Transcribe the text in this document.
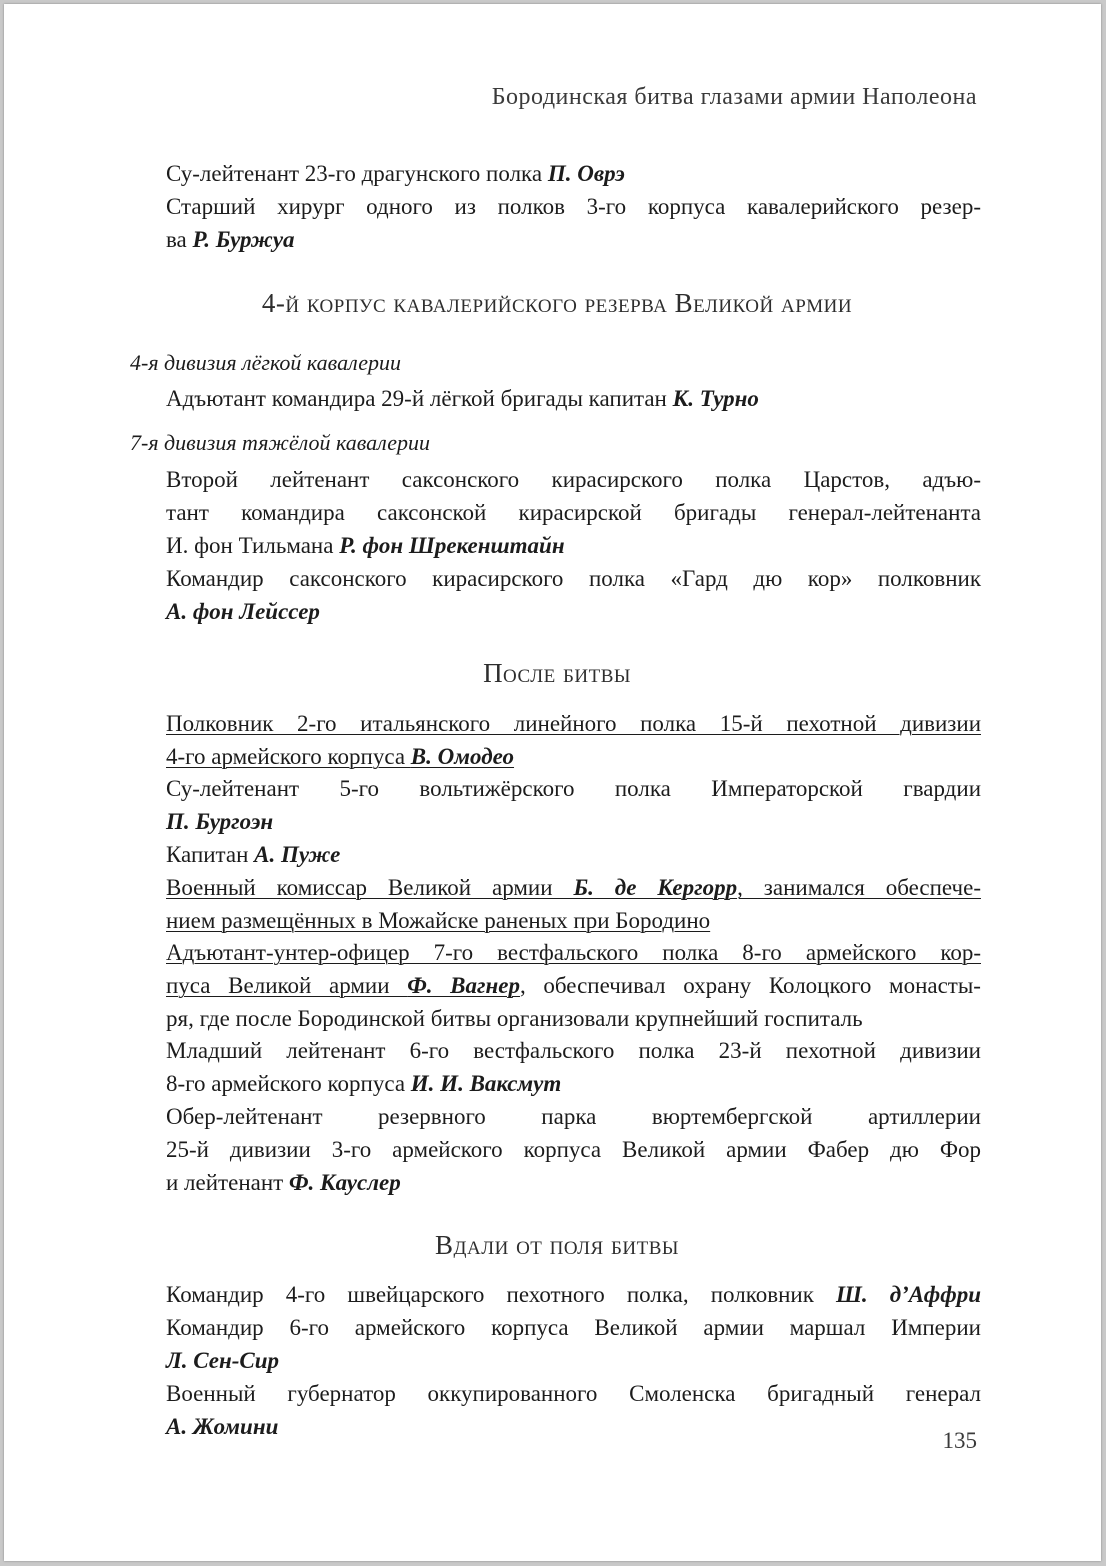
Бородинская битва глазами армии Наполеона
Су-лейтенант 23-го драгунского полка П. Оврэ
Старший хирург одного из полков 3-го корпуса кавалерийского резер-
ва Р. Буржуа
4-й корпус кавалерийского резерва Великой армии
4-я дивизия лёгкой кавалерии
Адъютант командира 29-й лёгкой бригады капитан К. Турно
7-я дивизия тяжёлой кавалерии
Второй лейтенант саксонского кирасирского полка Царстов, адъю-
тант командира саксонской кирасирской бригады генерал-лейтенанта
И. фон Тильмана Р. фон Шрекенштайн
Командир саксонского кирасирского полка «Гард дю кор» полковник
А. фон Лейссер
После битвы
Полковник 2-го итальянского линейного полка 15-й пехотной дивизии
4-го армейского корпуса В. Омодео
Су-лейтенант 5-го вольтижёрского полка Императорской гвардии
П. Бургоэн
Капитан А. Пуже
Военный комиссар Великой армии Б. де Кергорр, занимался обеспече-
нием размещённых в Можайске раненых при Бородино
Адъютант-унтер-офицер 7-го вестфальского полка 8-го армейского кор-
пуса Великой армии Ф. Вагнер, обеспечивал охрану Колоцкого монасты-
ря, где после Бородинской битвы организовали крупнейший госпиталь
Младший лейтенант 6-го вестфальского полка 23-й пехотной дивизии
8-го армейского корпуса И. И. Ваксмут
Обер-лейтенант резервного парка вюртембергской артиллерии
25-й дивизии 3-го армейского корпуса Великой армии Фабер дю Фор
и лейтенант Ф. Кауслер
Вдали от поля битвы
Командир 4-го швейцарского пехотного полка, полковник Ш. д’Аффри
Командир 6-го армейского корпуса Великой армии маршал Империи
Л. Сен-Сир
Военный губернатор оккупированного Смоленска бригадный генерал
А. Жомини
135
